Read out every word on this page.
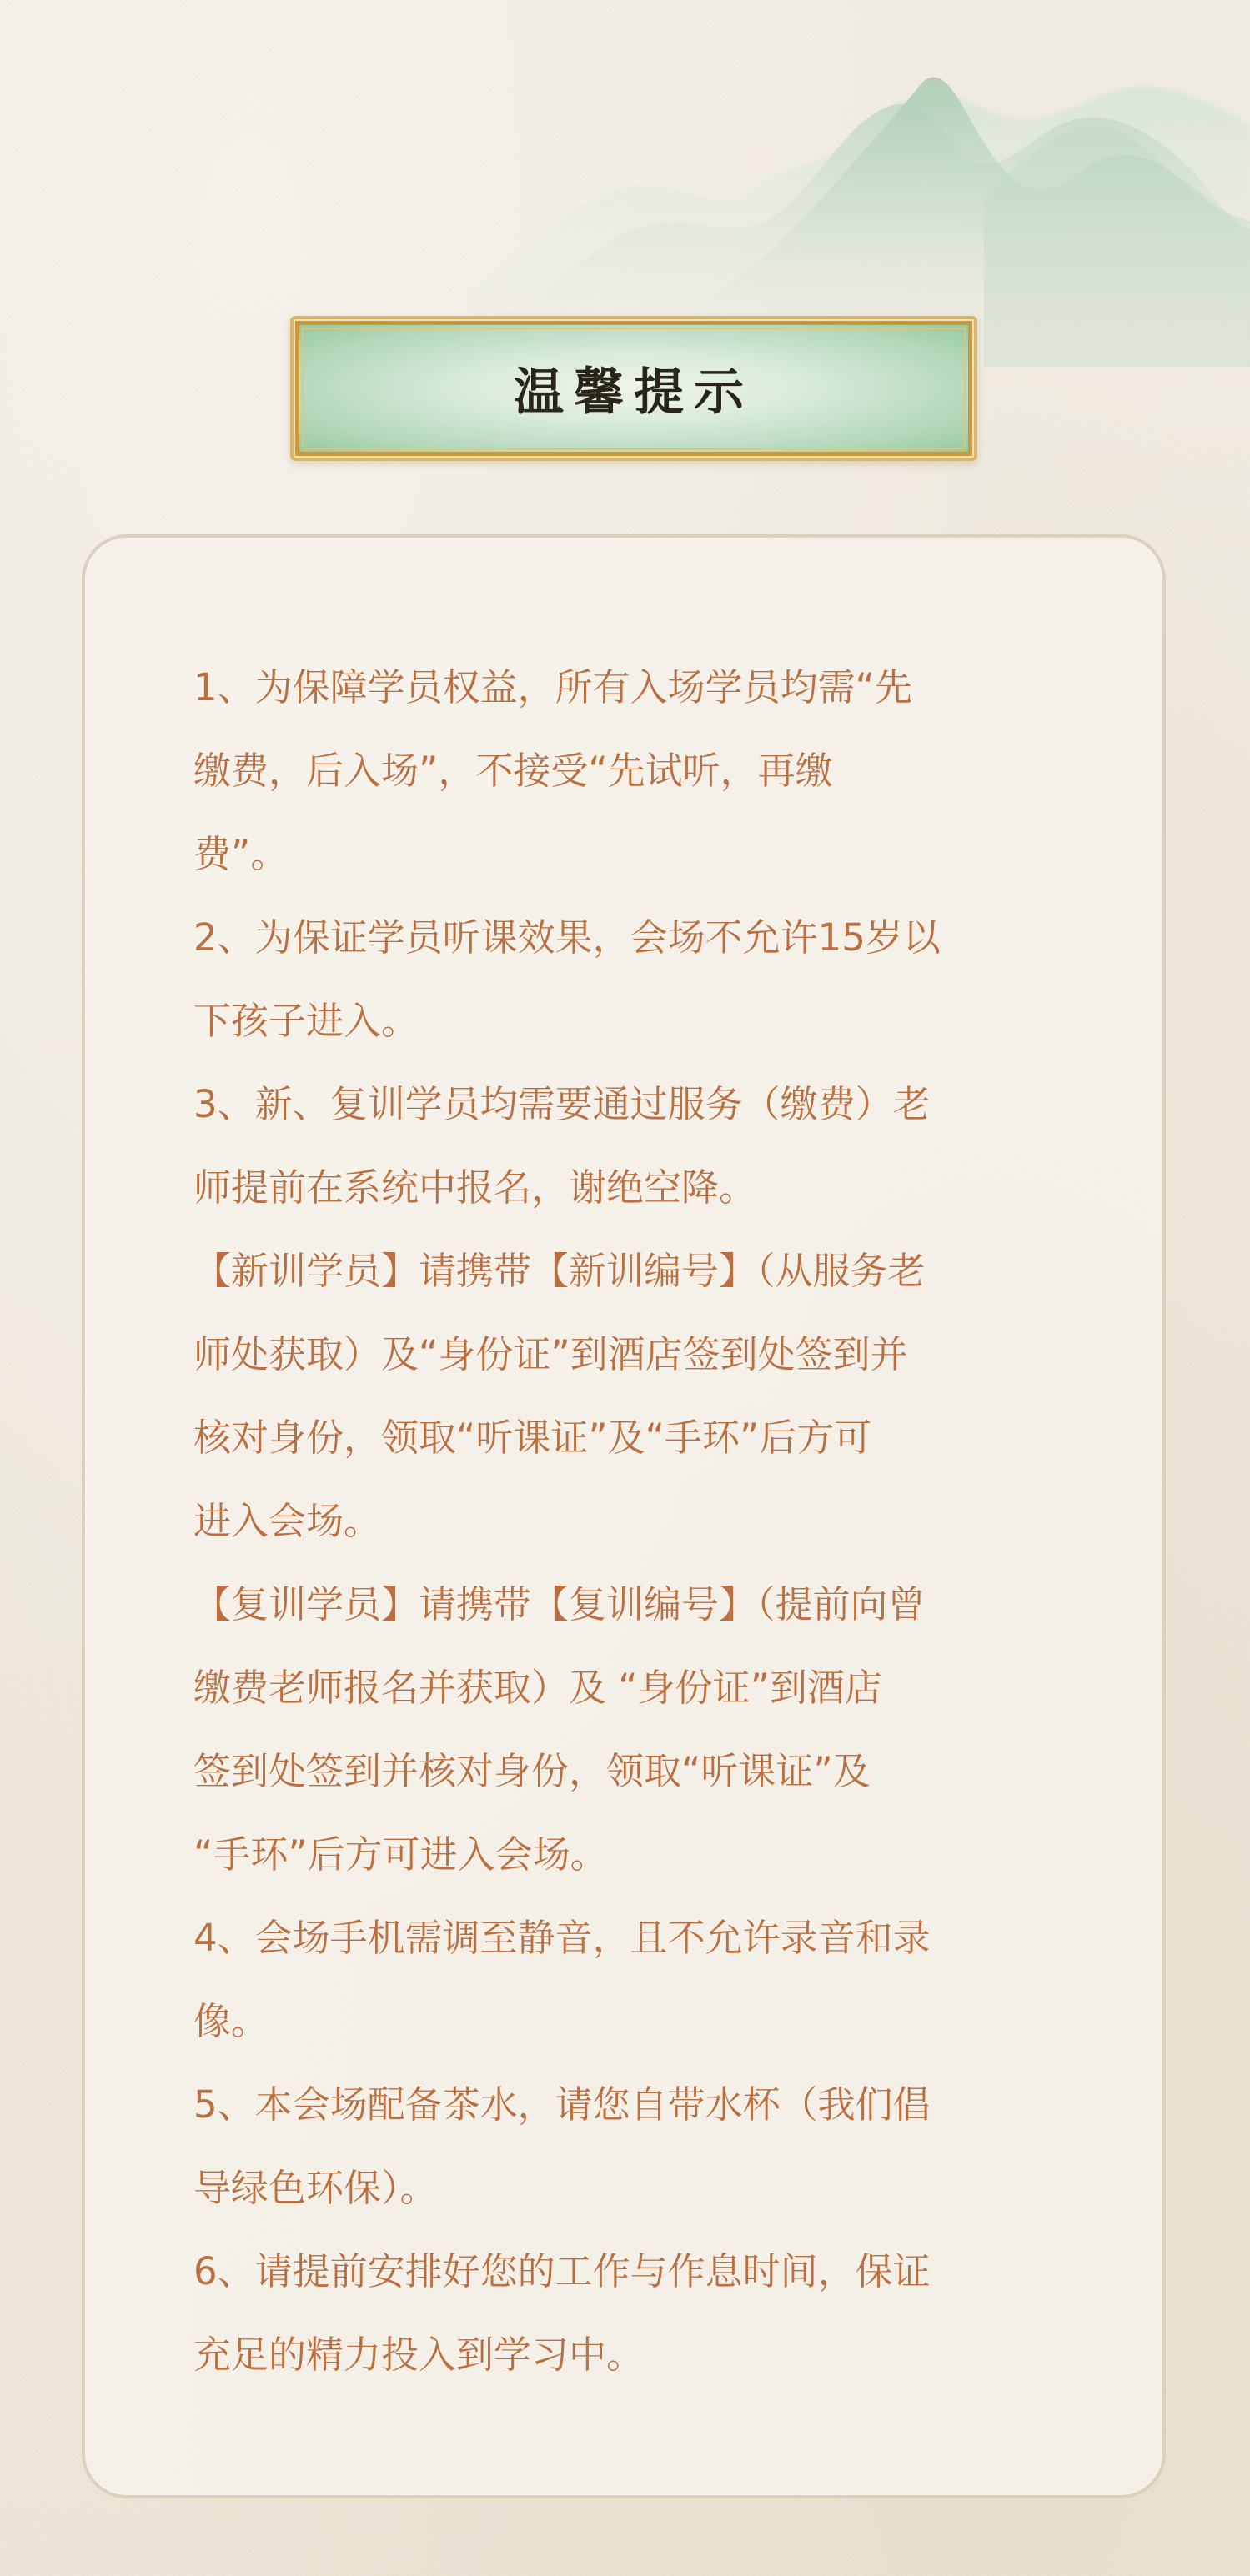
温馨提示
1、为保障学员权益，所有入场学员均需“先
缴费，后入场”，不接受“先试听，再缴
费”。
2、为保证学员听课效果，会场不允许15岁以
下孩子进入。
3、新、复训学员均需要通过服务（缴费）老
师提前在系统中报名，谢绝空降。
【新训学员】请携带【新训编号】（从服务老
师处获取）及“身份证”到酒店签到处签到并
核对身份，领取“听课证”及“手环”后方可
进入会场。
【复训学员】请携带【复训编号】（提前向曾
缴费老师报名并获取）及 “身份证”到酒店
签到处签到并核对身份，领取“听课证”及
“手环”后方可进入会场。
4、会场手机需调至静音，且不允许录音和录
像。
5、本会场配备茶水，请您自带水杯（我们倡
导绿色环保）。
6、请提前安排好您的工作与作息时间，保证
充足的精力投入到学习中。
